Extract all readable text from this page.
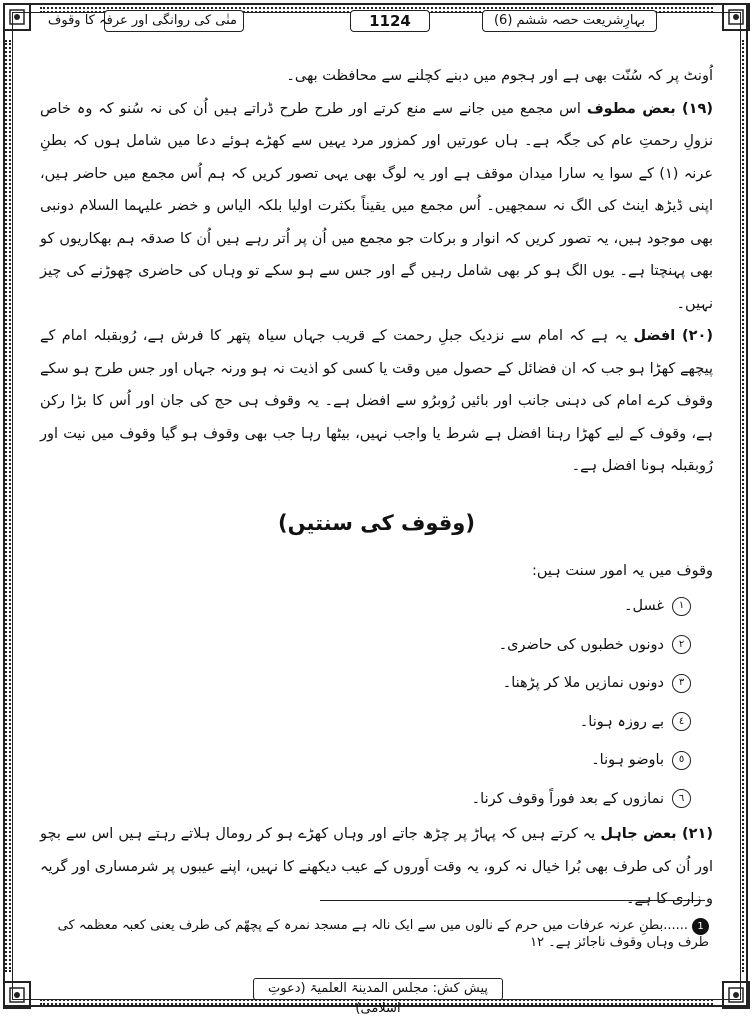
بہارِشریعت حصہ ششم (6)
1124
منٰی کی روانگی اور عرفہ کا وقوف

اُونٹ پر کہ سُنّت بھی ہے اور ہجوم میں دبنے کچلنے سے محافظت بھی۔

(١٩) بعض مطوف اس مجمع میں جانے سے منع کرتے اور طرح طرح ڈراتے ہیں اُن کی نہ سُنو کہ وہ خاص نزولِ رحمتِ عام کی جگہ ہے۔ ہاں عورتیں اور کمزور مرد یہیں سے کھڑے ہوئے دعا میں شامل ہوں کہ بطنِ عرنہ (١) کے سوا یہ سارا میدان موقف ہے اور یہ لوگ بھی یہی تصور کریں کہ ہم اُس مجمع میں حاضر ہیں، اپنی ڈیڑھ اینٹ کی الگ نہ سمجھیں۔ اُس مجمع میں یقیناً بکثرت اولیا بلکہ الیاس و خضر علیہما السلام دونبی بھی موجود ہیں، یہ تصور کریں کہ انوار و برکات جو مجمع میں اُن پر اُتر رہے ہیں اُن کا صدقہ ہم بھکاریوں کو بھی پہنچتا ہے۔ یوں الگ ہو کر بھی شامل رہیں گے اور جس سے ہو سکے تو وہاں کی حاضری چھوڑنے کی چیز نہیں۔

(٢٠) افضل یہ ہے کہ امام سے نزدیک جبلِ رحمت کے قریب جہاں سیاہ پتھر کا فرش ہے، رُوبقبلہ امام کے پیچھے کھڑا ہو جب کہ ان فضائل کے حصول میں وقت یا کسی کو اذیت نہ ہو ورنہ جہاں اور جس طرح ہو سکے وقوف کرے امام کی دہنی جانب اور بائیں رُوبرُو سے افضل ہے۔ یہ وقوف ہی حج کی جان اور اُس کا بڑا رکن ہے، وقوف کے لیے کھڑا رہنا افضل ہے شرط یا واجب نہیں، بیٹھا رہا جب بھی وقوف ہو گیا وقوف میں نیت اور رُوبقبلہ ہونا افضل ہے۔

(وقوف کی سنتیں)

وقوف میں یہ امور سنت ہیں:

١
غسل۔
٢
دونوں خطبوں کی حاضری۔
٣
دونوں نمازیں ملا کر پڑھنا۔
٤
بے روزہ ہونا۔
٥
باوضو ہونا۔
٦
نمازوں کے بعد فوراً وقوف کرنا۔

(٢١) بعض جاہل یہ کرتے ہیں کہ پہاڑ پر چڑھ جاتے اور وہاں کھڑے ہو کر رومال ہلاتے رہتے ہیں اس سے بچو اور اُن کی طرف بھی بُرا خیال نہ کرو، یہ وقت اَوروں کے عیب دیکھنے کا نہیں، اپنے عیبوں پر شرمساری اور گریہ و زاری کا ہے۔

1......بطنِ عرنہ عرفات میں حرم کے نالوں میں سے ایک نالہ ہے مسجد نمرہ کے پچھّم کی طرف یعنی کعبہ معظمہ کی طرف وہاں وقوف ناجائز ہے۔ ١٢
پیش کش: مجلس المدینۃ العلمیۃ (دعوتِ اسلامی)
